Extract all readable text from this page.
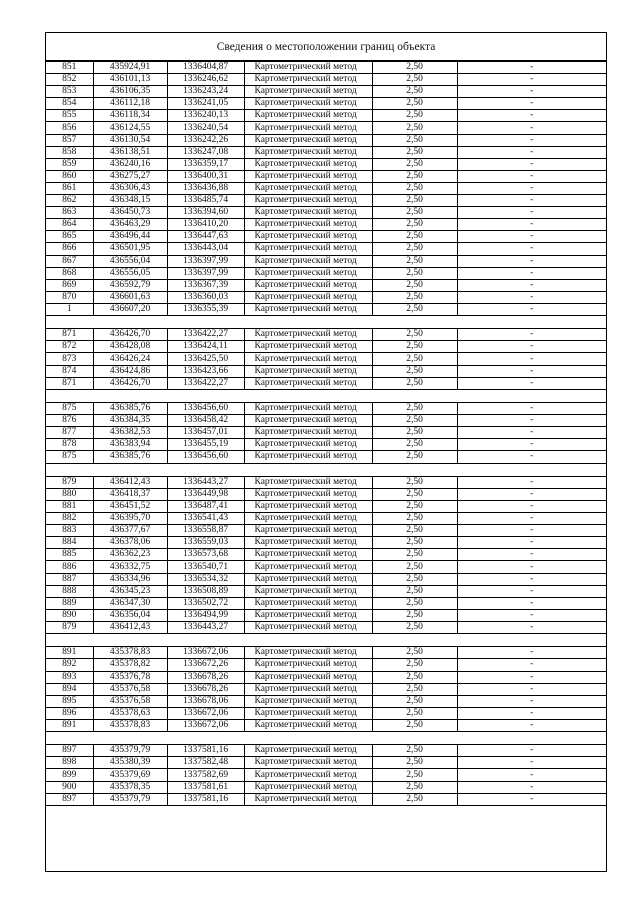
Сведения о местоположении границ объекта
851	435924,91	1336404,87	Картометрический метод	2,50	-
852	436101,13	1336246,62	Картометрический метод	2,50	-
853	436106,35	1336243,24	Картометрический метод	2,50	-
854	436112,18	1336241,05	Картометрический метод	2,50	-
855	436118,34	1336240,13	Картометрический метод	2,50	-
856	436124,55	1336240,54	Картометрический метод	2,50	-
857	436130,54	1336242,26	Картометрический метод	2,50	-
858	436138,51	1336247,08	Картометрический метод	2,50	-
859	436240,16	1336359,17	Картометрический метод	2,50	-
860	436275,27	1336400,31	Картометрический метод	2,50	-
861	436306,43	1336436,88	Картометрический метод	2,50	-
862	436348,15	1336485,74	Картометрический метод	2,50	-
863	436450,73	1336394,60	Картометрический метод	2,50	-
864	436463,29	1336410,20	Картометрический метод	2,50	-
865	436496,44	1336447,63	Картометрический метод	2,50	-
866	436501,95	1336443,04	Картометрический метод	2,50	-
867	436556,04	1336397,99	Картометрический метод	2,50	-
868	436556,05	1336397,99	Картометрический метод	2,50	-
869	436592,79	1336367,39	Картометрический метод	2,50	-
870	436601,63	1336360,03	Картометрический метод	2,50	-
1	436607,20	1336355,39	Картометрический метод	2,50	-

871	436426,70	1336422,27	Картометрический метод	2,50	-
872	436428,08	1336424,11	Картометрический метод	2,50	-
873	436426,24	1336425,50	Картометрический метод	2,50	-
874	436424,86	1336423,66	Картометрический метод	2,50	-
871	436426,70	1336422,27	Картометрический метод	2,50	-

875	436385,76	1336456,60	Картометрический метод	2,50	-
876	436384,35	1336458,42	Картометрический метод	2,50	-
877	436382,53	1336457,01	Картометрический метод	2,50	-
878	436383,94	1336455,19	Картометрический метод	2,50	-
875	436385,76	1336456,60	Картометрический метод	2,50	-

879	436412,43	1336443,27	Картометрический метод	2,50	-
880	436418,37	1336449,98	Картометрический метод	2,50	-
881	436451,52	1336487,41	Картометрический метод	2,50	-
882	436395,70	1336541,43	Картометрический метод	2,50	-
883	436377,67	1336558,87	Картометрический метод	2,50	-
884	436378,06	1336559,03	Картометрический метод	2,50	-
885	436362,23	1336573,68	Картометрический метод	2,50	-
886	436332,75	1336540,71	Картометрический метод	2,50	-
887	436334,96	1336534,32	Картометрический метод	2,50	-
888	436345,23	1336508,89	Картометрический метод	2,50	-
889	436347,30	1336502,72	Картометрический метод	2,50	-
890	436356,04	1336494,99	Картометрический метод	2,50	-
879	436412,43	1336443,27	Картометрический метод	2,50	-

891	435378,83	1336672,06	Картометрический метод	2,50	-
892	435378,82	1336672,26	Картометрический метод	2,50	-
893	435376,78	1336678,26	Картометрический метод	2,50	-
894	435376,58	1336678,26	Картометрический метод	2,50	-
895	435376,58	1336678,06	Картометрический метод	2,50	-
896	435378,63	1336672,06	Картометрический метод	2,50	-
891	435378,83	1336672,06	Картометрический метод	2,50	-

897	435379,79	1337581,16	Картометрический метод	2,50	-
898	435380,39	1337582,48	Картометрический метод	2,50	-
899	435379,69	1337582,69	Картометрический метод	2,50	-
900	435378,35	1337581,61	Картометрический метод	2,50	-
897	435379,79	1337581,16	Картометрический метод	2,50	-
